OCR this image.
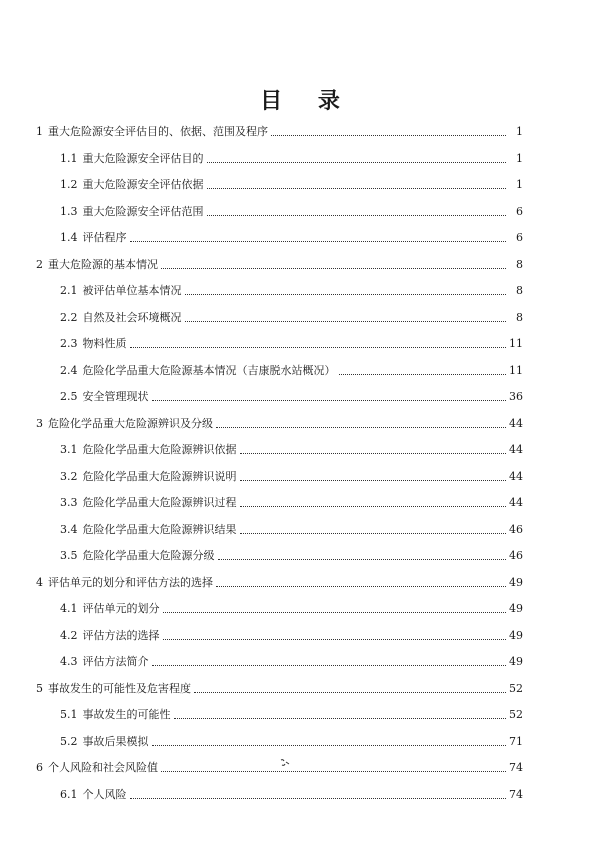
目 录
1 重大危险源安全评估目的、依据、范围及程序	1
1.1 重大危险源安全评估目的	1
1.2 重大危险源安全评估依据	1
1.3 重大危险源安全评估范围	6
1.4 评估程序	6
2 重大危险源的基本情况	8
2.1 被评估单位基本情况	8
2.2 自然及社会环境概况	8
2.3 物料性质	11
2.4 危险化学品重大危险源基本情况（吉康脱水站概况）	11
2.5 安全管理现状	36
3 危险化学品重大危险源辨识及分级	44
3.1 危险化学品重大危险源辨识依据	44
3.2 危险化学品重大危险源辨识说明	44
3.3 危险化学品重大危险源辨识过程	44
3.4 危险化学品重大危险源辨识结果	46
3.5 危险化学品重大危险源分级	46
4 评估单元的划分和评估方法的选择	49
4.1 评估单元的划分	49
4.2 评估方法的选择	49
4.3 评估方法简介	49
5 事故发生的可能性及危害程度	52
5.1 事故发生的可能性	52
5.2 事故后果模拟	71
6 个人风险和社会风险值	74
6.1 个人风险	74
